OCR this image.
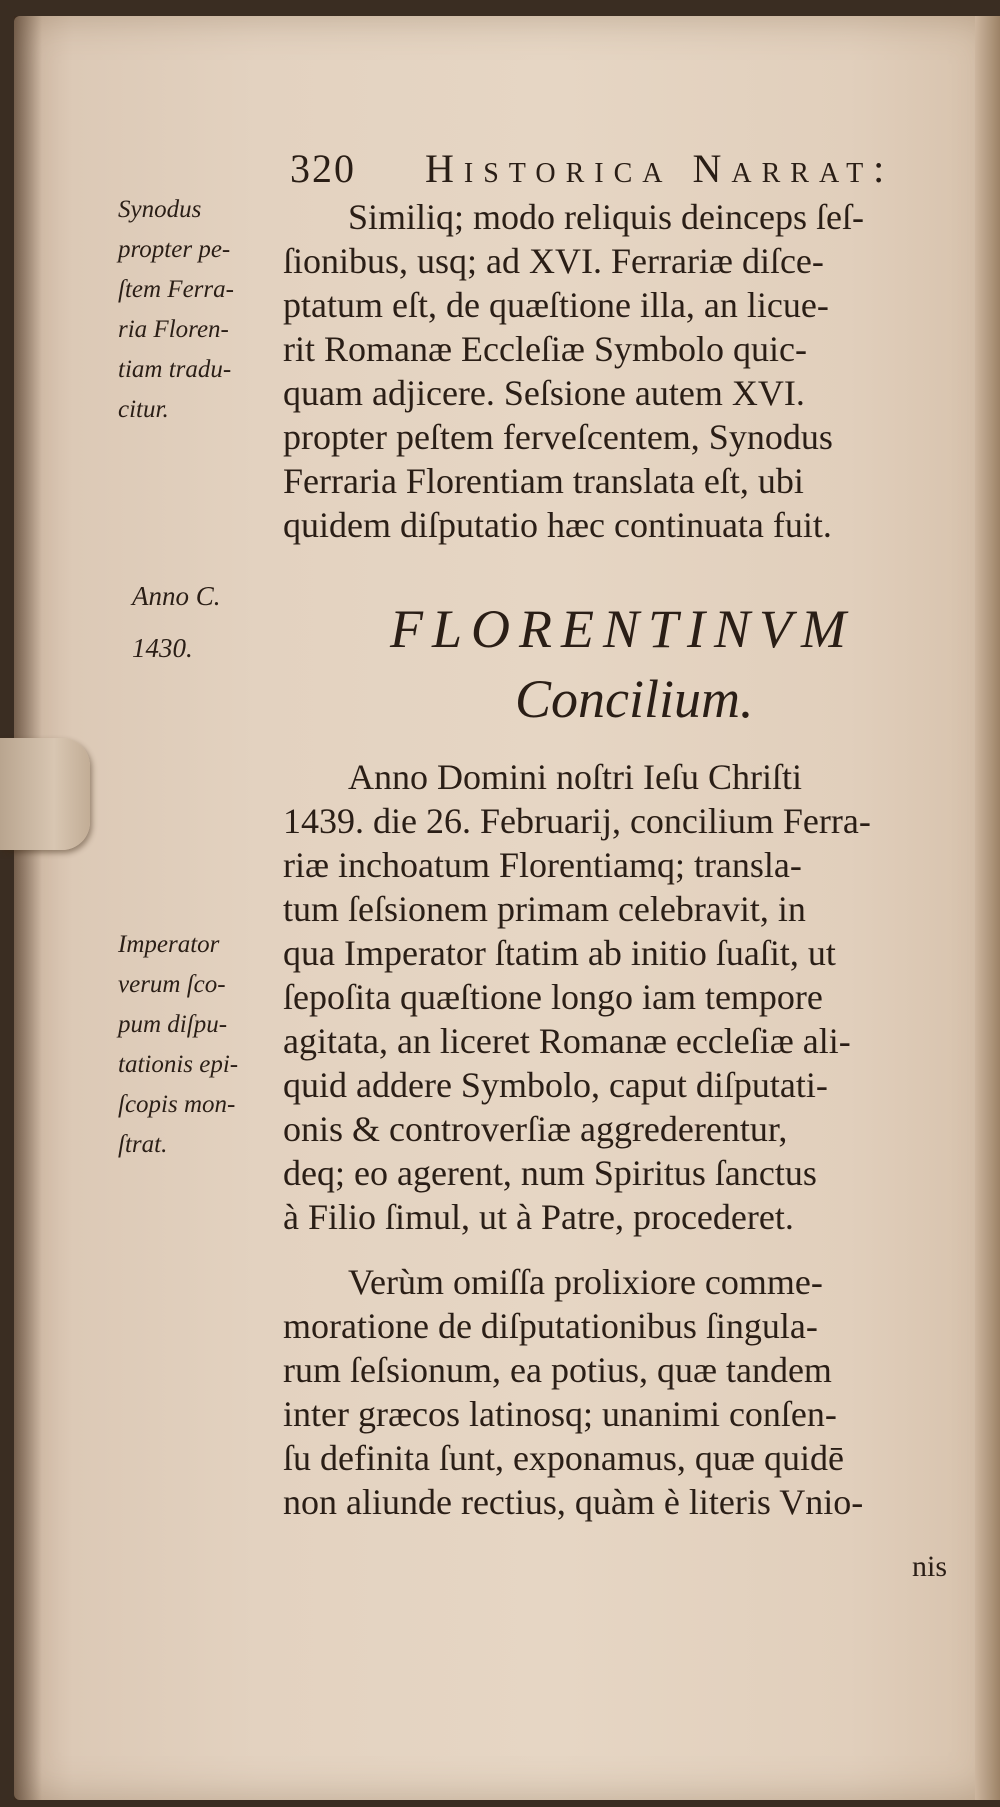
320 Historica Narrat:
Synodus
propter pe-
ſtem Ferra-
ria Floren-
tiam tradu-
citur.
Anno C.
1430.
Imperator
verum ſco-
pum diſpu-
tationis epi-
ſcopis mon-
ſtrat.
Similiq; modo reliquis deinceps ſeſ-
ſionibus, usq; ad XVI. Ferrariæ diſce-
ptatum eſt, de quæſtione illa, an licue-
rit Romanæ Eccleſiæ Symbolo quic-
quam adjicere. Seſsione autem XVI.
propter peſtem ferveſcentem, Synodus
Ferraria Florentiam translata eſt, ubi
quidem diſputatio hæc continuata fuit.
FLORENTINVM
Concilium.
Anno Domini noſtri Ieſu Chriſti
1439. die 26. Februarij, concilium Ferra-
riæ inchoatum Florentiamq; transla-
tum ſeſsionem primam celebravit, in
qua Imperator ſtatim ab initio ſuaſit, ut
ſepoſita quæſtione longo iam tempore
agitata, an liceret Romanæ eccleſiæ ali-
quid addere Symbolo, caput diſputati-
onis & controverſiæ aggrederentur,
deq; eo agerent, num Spiritus ſanctus
à Filio ſimul, ut à Patre, procederet.
Verùm omiſſa prolixiore comme-
moratione de diſputationibus ſingula-
rum ſeſsionum, ea potius, quæ tandem
inter græcos latinosq; unanimi conſen-
ſu definita ſunt, exponamus, quæ quidē
non aliunde rectius, quàm è literis Vnio-
nis
